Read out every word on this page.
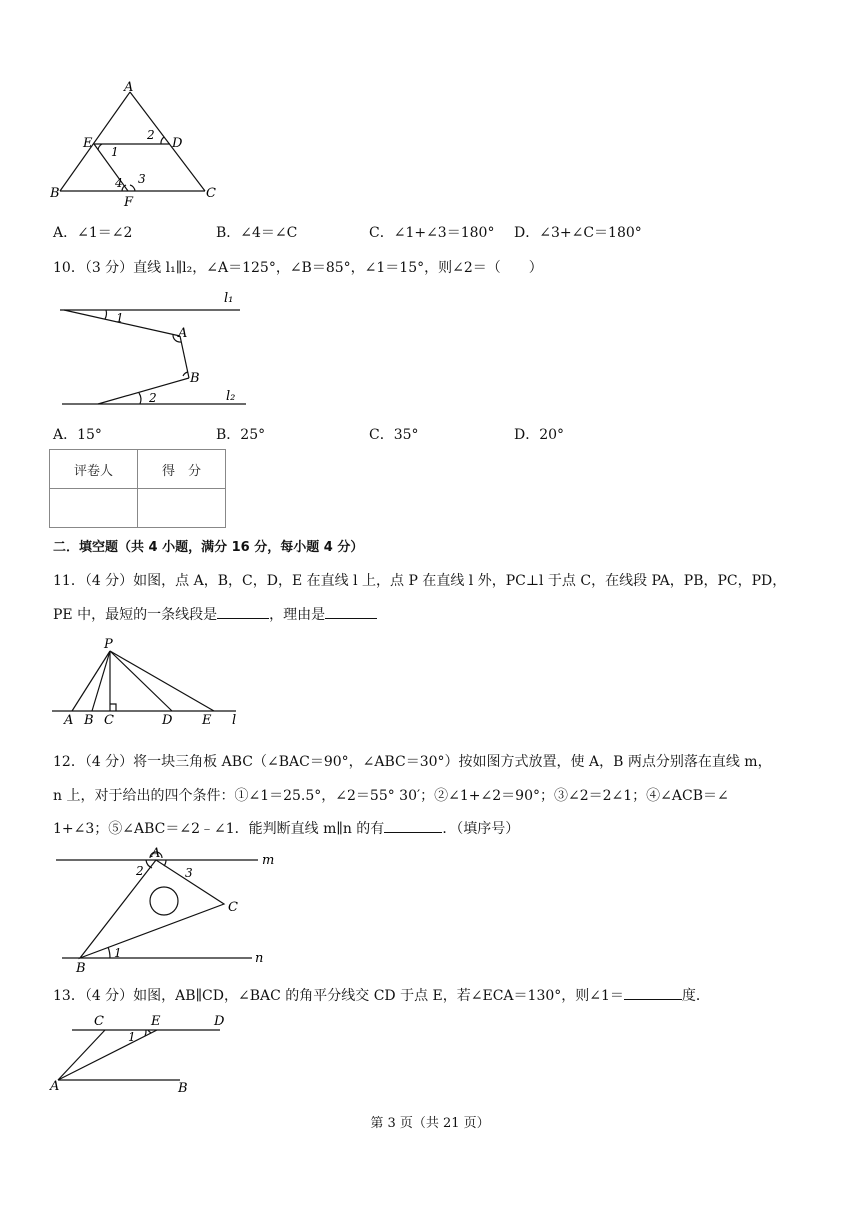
A
B	C
D
E
F
1
2
3
4
A．∠1＝∠2	B．∠4＝∠C	C．∠1+∠3＝180° D．∠3+∠C＝180°
10．（3 分）直线 l₁∥l₂，∠A＝125°，∠B＝85°，∠1＝15°，则∠2＝（　　）
l₁
l₂
A
B
1
2
A．15°	B．25°	C．35°	D．20°
评卷人	得　分

二．填空题（共 4 小题，满分 16 分，每小题 4 分）
11．（4 分）如图，点 A，B，C，D，E 在直线 l 上，点 P 在直线 l 外，PC⊥l 于点 C，在线段 PA，PB，PC，PD，
PE 中，最短的一条线段是	，理由是
P
A B C	D E l
12．（4 分）将一块三角板 ABC（∠BAC＝90°，∠ABC＝30°）按如图方式放置，使 A，B 两点分别落在直线 m，
n 上，对于给出的四个条件：①∠1＝25.5°，∠2＝55° 30′；②∠1+∠2＝90°；③∠2＝2∠1；④∠ACB＝∠
1+∠3；⑤∠ABC＝∠2﹣∠1．能判断直线 m∥n 的有	．（填序号）
A
B
C
m
n
2	3
1
13．（4 分）如图，AB∥CD，∠BAC 的角平分线交 CD 于点 E，若∠ECA＝130°，则∠1＝	度．
C	E	D
A	B
1
第 3 页（共 21 页）
